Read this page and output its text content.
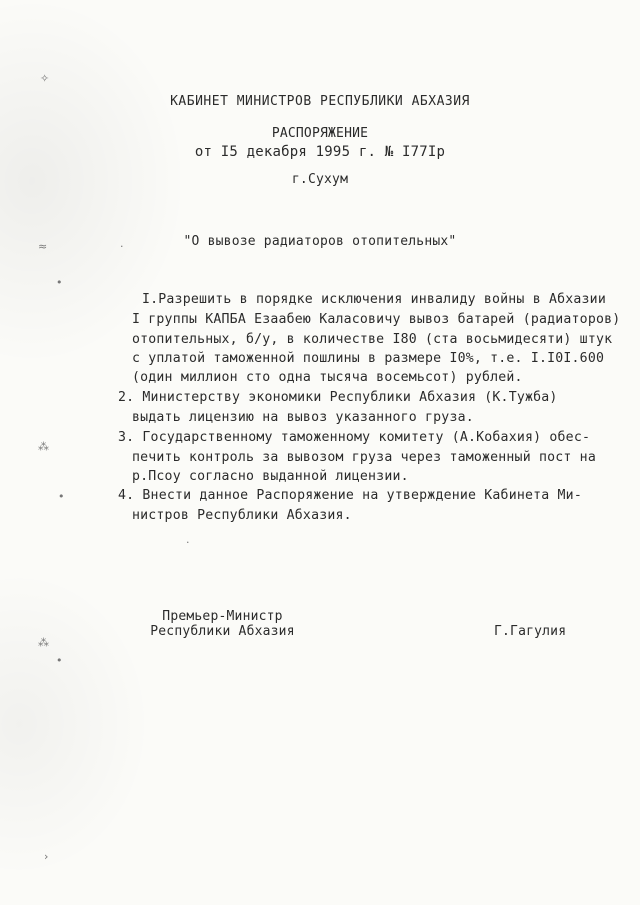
КАБИНЕТ МИНИСТРОВ РЕСПУБЛИКИ АБХАЗИЯ
РАСПОРЯЖЕНИЕ
от I5 декабря 1995 г. № I77Iр
г.Сухум
"О вывозе радиаторов отопительных"
I.Разрешить в порядке исключения инвалиду войны в Абхазии
I группы КАПБА Езаабею Каласовичу вывоз батарей (радиаторов)
отопительных, б/у, в количестве I80 (ста восьмидесяти) штук
с уплатой таможенной пошлины в размере I0%, т.е. I.I0I.600
(один миллион сто одна тысяча восемьсот) рублей.
2. Министерству экономики Республики Абхазия (К.Тужба)
выдать лицензию на вывоз указанного груза.
3. Государственному таможенному комитету (А.Кобахия) обес-
печить контроль за вывозом груза через таможенный пост на
р.Псоу согласно выданной лицензии.
4. Внести данное Распоряжение на утверждение Кабинета Ми-
нистров Республики Абхазия.
Премьер-Министр
Республики Абхазия	Г.Гагулия
✧
≈
•
⁂
•
⁂
•
›
·
·
